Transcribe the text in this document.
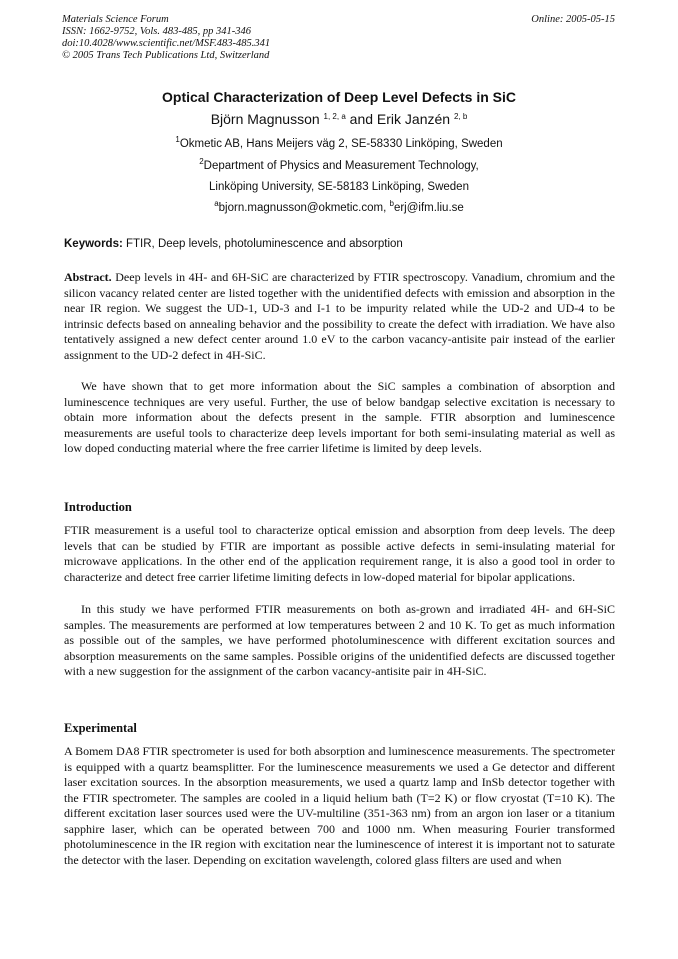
Materials Science Forum
ISSN: 1662-9752, Vols. 483-485, pp 341-346
doi:10.4028/www.scientific.net/MSF.483-485.341
© 2005 Trans Tech Publications Ltd, Switzerland
Online: 2005-05-15
Optical Characterization of Deep Level Defects in SiC
Björn Magnusson $^{1, 2, a}$ and Erik Janzén $^{2, b}$
$^1$Okmetic AB, Hans Meijers väg 2, SE-58330 Linköping, Sweden
$^2$Department of Physics and Measurement Technology,
Linköping University, SE-58183 Linköping, Sweden
$^a$bjorn.magnusson@okmetic.com, $^b$erj@ifm.liu.se
Keywords: FTIR, Deep levels, photoluminescence and absorption

Abstract. Deep levels in 4H- and 6H-SiC are characterized by FTIR spectroscopy. Vanadium, chromium and the silicon vacancy related center are listed together with the unidentified defects with emission and absorption in the near IR region. We suggest the UD-1, UD-3 and I-1 to be impurity related while the UD-2 and UD-4 to be intrinsic defects based on annealing behavior and the possibility to create the defect with irradiation. We have also tentatively assigned a new defect center around 1.0 eV to the carbon vacancy-antisite pair instead of the earlier assignment to the UD-2 defect in 4H-SiC.

We have shown that to get more information about the SiC samples a combination of absorption and luminescence techniques are very useful. Further, the use of below bandgap selective excitation is necessary to obtain more information about the defects present in the sample. FTIR absorption and luminescence measurements are useful tools to characterize deep levels important for both semi-insulating material as well as low doped conducting material where the free carrier lifetime is limited by deep levels.

Introduction

FTIR measurement is a useful tool to characterize optical emission and absorption from deep levels. The deep levels that can be studied by FTIR are important as possible active defects in semi-insulating material for microwave applications. In the other end of the application requirement range, it is also a good tool in order to characterize and detect free carrier lifetime limiting defects in low-doped material for bipolar applications.

In this study we have performed FTIR measurements on both as-grown and irradiated 4H- and 6H-SiC samples. The measurements are performed at low temperatures between 2 and 10 K. To get as much information as possible out of the samples, we have performed photoluminescence with different excitation sources and absorption measurements on the same samples. Possible origins of the unidentified defects are discussed together with a new suggestion for the assignment of the carbon vacancy-antisite pair in 4H-SiC.

Experimental

A Bomem DA8 FTIR spectrometer is used for both absorption and luminescence measurements. The spectrometer is equipped with a quartz beamsplitter. For the luminescence measurements we used a Ge detector and different laser excitation sources. In the absorption measurements, we used a quartz lamp and InSb detector together with the FTIR spectrometer. The samples are cooled in a liquid helium bath (T=2 K) or flow cryostat (T=10 K). The different excitation laser sources used were the UV-multiline (351-363 nm) from an argon ion laser or a titanium sapphire laser, which can be operated between 700 and 1000 nm. When measuring Fourier transformed photoluminescence in the IR region with excitation near the luminescence of interest it is important not to saturate the detector with the laser. Depending on excitation wavelength, colored glass filters are used and when
